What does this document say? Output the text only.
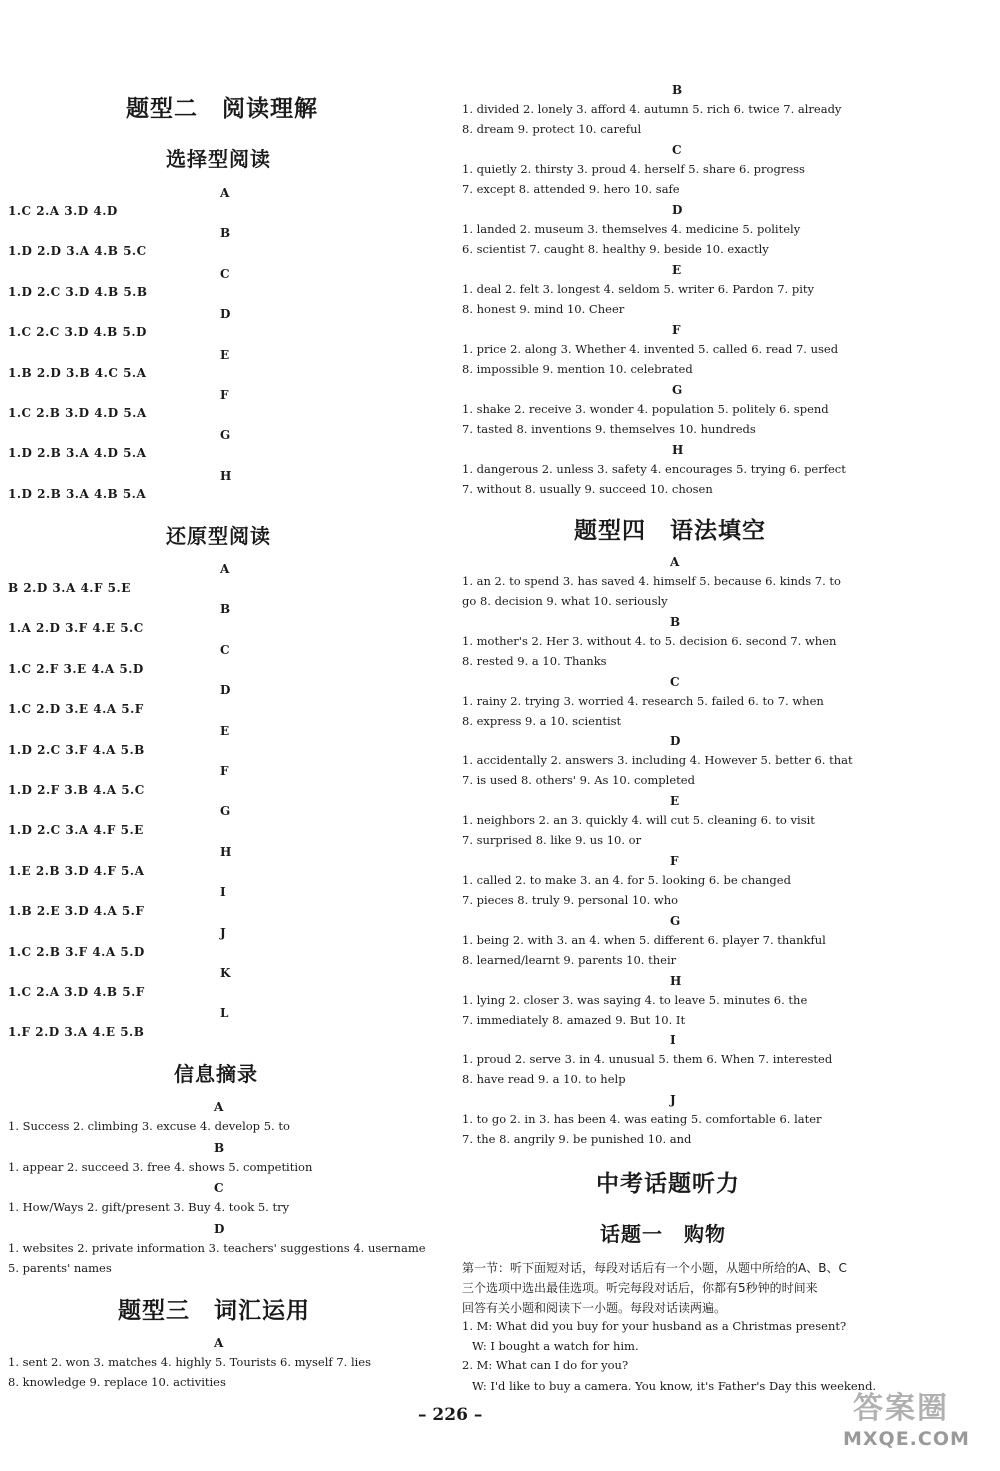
题型二　阅读理解
选择型阅读
A
1.C 2.A 3.D 4.D
B
1.D 2.D 3.A 4.B 5.C
C
1.D 2.C 3.D 4.B 5.B
D
1.C 2.C 3.D 4.B 5.D
E
1.B 2.D 3.B 4.C 5.A
F
1.C 2.B 3.D 4.D 5.A
G
1.D 2.B 3.A 4.D 5.A
H
1.D 2.B 3.A 4.B 5.A
还原型阅读
A
B 2.D 3.A 4.F 5.E
B
1.A 2.D 3.F 4.E 5.C
C
1.C 2.F 3.E 4.A 5.D
D
1.C 2.D 3.E 4.A 5.F
E
1.D 2.C 3.F 4.A 5.B
F
1.D 2.F 3.B 4.A 5.C
G
1.D 2.C 3.A 4.F 5.E
H
1.E 2.B 3.D 4.F 5.A
I
1.B 2.E 3.D 4.A 5.F
J
1.C 2.B 3.F 4.A 5.D
K
1.C 2.A 3.D 4.B 5.F
L
1.F 2.D 3.A 4.E 5.B
信息摘录
A
1. Success 2. climbing 3. excuse 4. develop 5. to
B
1. appear 2. succeed 3. free 4. shows 5. competition
C
1. How/Ways 2. gift/present 3. Buy 4. took 5. try
D
1. websites 2. private information 3. teachers' suggestions 4. username
5. parents' names
题型三　词汇运用
A
1. sent 2. won 3. matches 4. highly 5. Tourists 6. myself 7. lies
8. knowledge 9. replace 10. activities
B
1. divided 2. lonely 3. afford 4. autumn 5. rich 6. twice 7. already
8. dream 9. protect 10. careful
C
1. quietly 2. thirsty 3. proud 4. herself 5. share 6. progress
7. except 8. attended 9. hero 10. safe
D
1. landed 2. museum 3. themselves 4. medicine 5. politely
6. scientist 7. caught 8. healthy 9. beside 10. exactly
E
1. deal 2. felt 3. longest 4. seldom 5. writer 6. Pardon 7. pity
8. honest 9. mind 10. Cheer
F
1. price 2. along 3. Whether 4. invented 5. called 6. read 7. used
8. impossible 9. mention 10. celebrated
G
1. shake 2. receive 3. wonder 4. population 5. politely 6. spend
7. tasted 8. inventions 9. themselves 10. hundreds
H
1. dangerous 2. unless 3. safety 4. encourages 5. trying 6. perfect
7. without 8. usually 9. succeed 10. chosen
题型四　语法填空
A
1. an 2. to spend 3. has saved 4. himself 5. because 6. kinds 7. to
go 8. decision 9. what 10. seriously
B
1. mother's 2. Her 3. without 4. to 5. decision 6. second 7. when
8. rested 9. a 10. Thanks
C
1. rainy 2. trying 3. worried 4. research 5. failed 6. to 7. when
8. express 9. a 10. scientist
D
1. accidentally 2. answers 3. including 4. However 5. better 6. that
7. is used 8. others' 9. As 10. completed
E
1. neighbors 2. an 3. quickly 4. will cut 5. cleaning 6. to visit
7. surprised 8. like 9. us 10. or
F
1. called 2. to make 3. an 4. for 5. looking 6. be changed
7. pieces 8. truly 9. personal 10. who
G
1. being 2. with 3. an 4. when 5. different 6. player 7. thankful
8. learned/learnt 9. parents 10. their
H
1. lying 2. closer 3. was saying 4. to leave 5. minutes 6. the
7. immediately 8. amazed 9. But 10. It
I
1. proud 2. serve 3. in 4. unusual 5. them 6. When 7. interested
8. have read 9. a 10. to help
J
1. to go 2. in 3. has been 4. was eating 5. comfortable 6. later
7. the 8. angrily 9. be punished 10. and
中考话题听力
话题一　购物
第一节：听下面短对话，每段对话后有一个小题，从题中所给的A、B、C
三个选项中选出最佳选项。听完每段对话后，你都有5秒钟的时间来
回答有关小题和阅读下一小题。每段对话读两遍。
1. M: What did you buy for your husband as a Christmas present?
W: I bought a watch for him.
2. M: What can I do for you?
W: I'd like to buy a camera. You know, it's Father's Day this weekend.
– 226 –	答案圈
MXQE.COM
